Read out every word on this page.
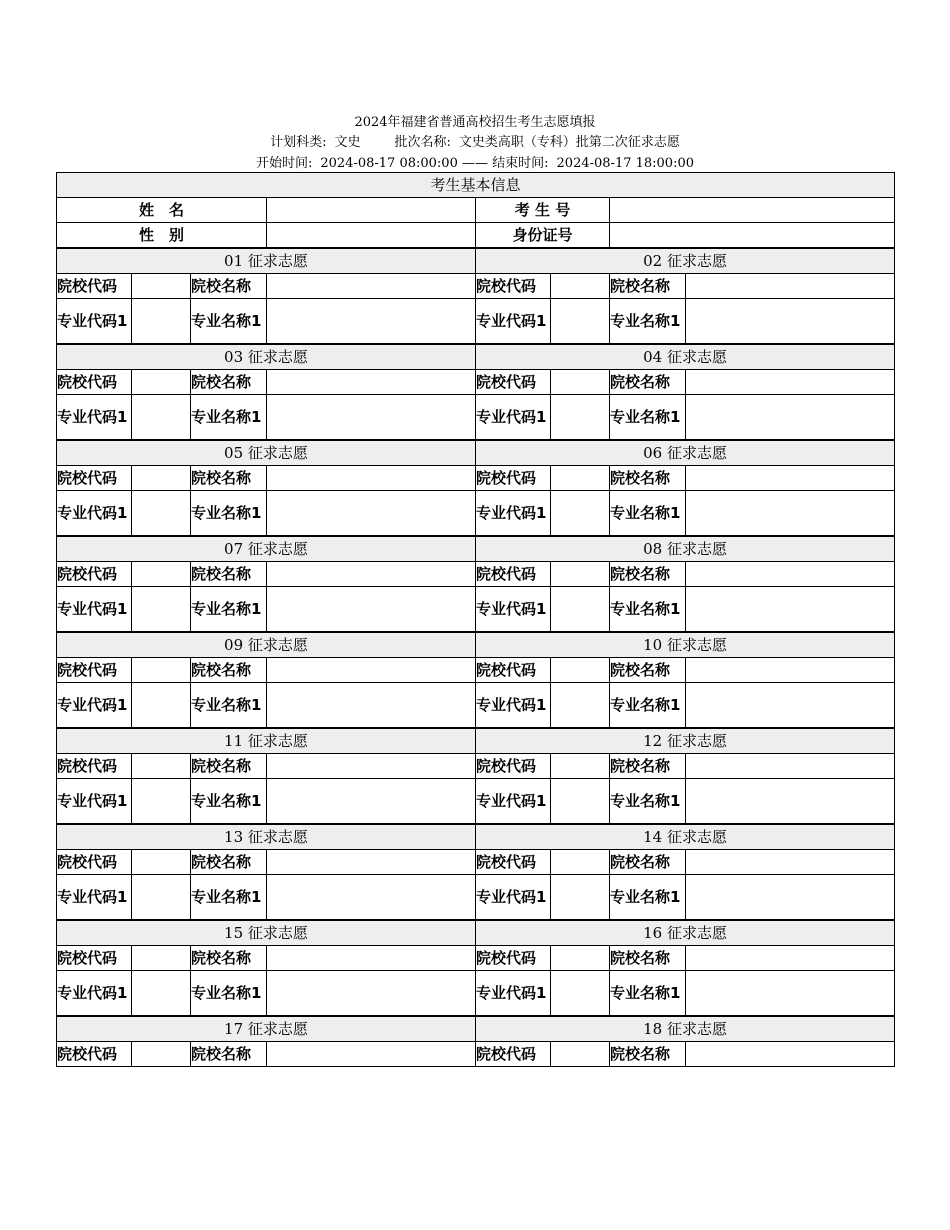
2024年福建省普通高校招生考生志愿填报
计划科类: 文史	批次名称: 文史类高职（专科）批第二次征求志愿
开始时间: 2024-08-17 08:00:00 —— 结束时间: 2024-08-17 18:00:00
考生基本信息							
姓　名				考 生 号			
性　别				身份证号			
01 征求志愿				02 征求志愿			
院校代码		院校名称		院校代码		院校名称	
专业代码1		专业名称1		专业代码1		专业名称1	
03 征求志愿				04 征求志愿			
院校代码		院校名称		院校代码		院校名称	
专业代码1		专业名称1		专业代码1		专业名称1	
05 征求志愿				06 征求志愿			
院校代码		院校名称		院校代码		院校名称	
专业代码1		专业名称1		专业代码1		专业名称1	
07 征求志愿				08 征求志愿			
院校代码		院校名称		院校代码		院校名称	
专业代码1		专业名称1		专业代码1		专业名称1	
09 征求志愿				10 征求志愿			
院校代码		院校名称		院校代码		院校名称	
专业代码1		专业名称1		专业代码1		专业名称1	
11 征求志愿				12 征求志愿			
院校代码		院校名称		院校代码		院校名称	
专业代码1		专业名称1		专业代码1		专业名称1	
13 征求志愿				14 征求志愿			
院校代码		院校名称		院校代码		院校名称	
专业代码1		专业名称1		专业代码1		专业名称1	
15 征求志愿				16 征求志愿			
院校代码		院校名称		院校代码		院校名称	
专业代码1		专业名称1		专业代码1		专业名称1	
17 征求志愿				18 征求志愿			
院校代码		院校名称		院校代码		院校名称	
